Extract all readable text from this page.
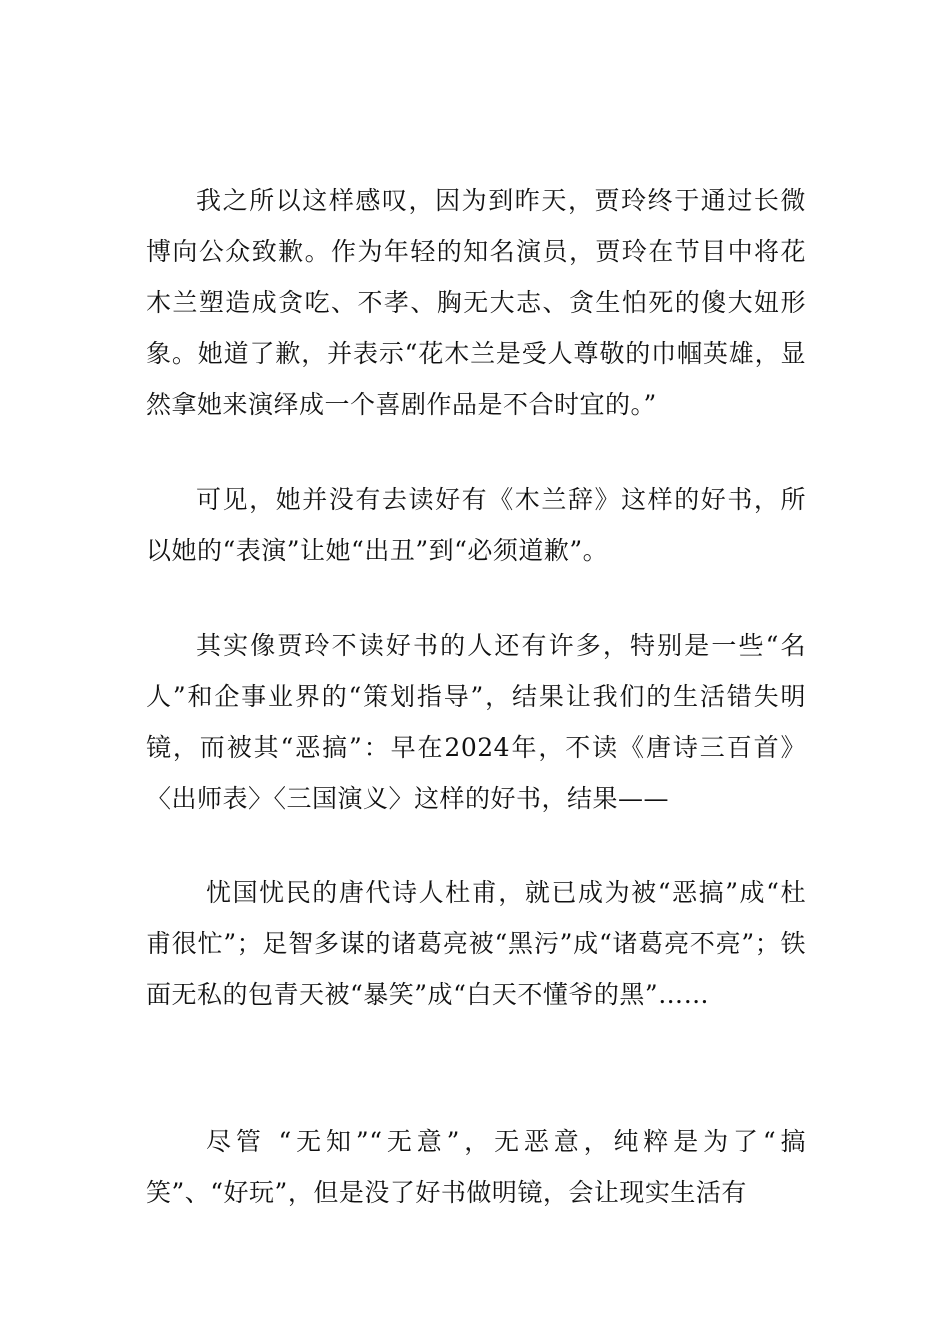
我之所以这样感叹，因为到昨天，贾玲终于通过长微博向公众致歉。作为年轻的知名演员，贾玲在节目中将花木兰塑造成贪吃、不孝、胸无大志、贪生怕死的傻大妞形象。她道了歉，并表示“花木兰是受人尊敬的巾帼英雄，显然拿她来演绎成一个喜剧作品是不合时宜的。”

可见，她并没有去读好有《木兰辞》这样的好书，所以她的“表演”让她“出丑”到“必须道歉”。

其实像贾玲不读好书的人还有许多，特别是一些“名人”和企事业界的“策划指导”，结果让我们的生活错失明镜，而被其“恶搞”：早在2024年，不读《唐诗三百首》〈出师表〉〈三国演义〉这样的好书，结果——

忧国忧民的唐代诗人杜甫，就已成为被“恶搞”成“杜甫很忙”；足智多谋的诸葛亮被“黑污”成“诸葛亮不亮”；铁面无私的包青天被“暴笑”成“白天不懂爷的黑”……

尽管 “无知”“无意”，无恶意，纯粹是为了“搞笑”、“好玩”，但是没了好书做明镜，会让现实生活有
